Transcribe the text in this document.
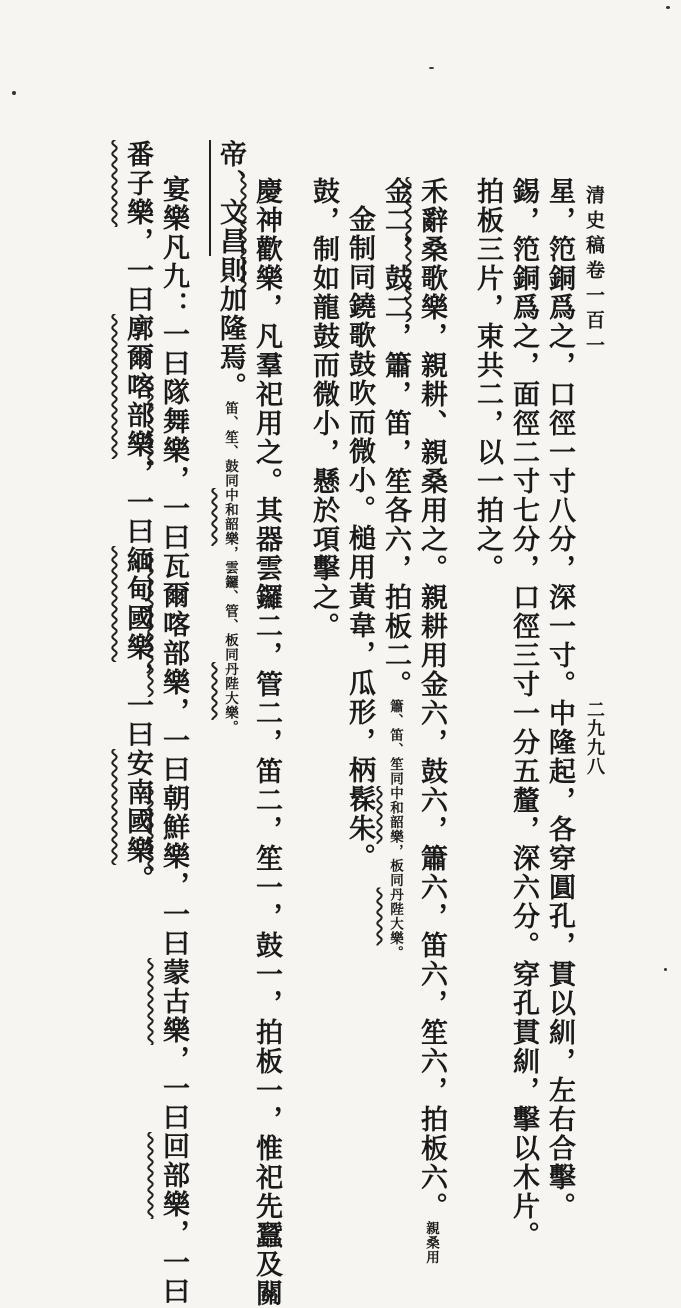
清史稿卷一百一
二九九八
星，笵銅爲之，口徑一寸八分，深一寸。中隆起，各穿圓孔，貫以紃，左右合擊。
錫，笵銅爲之，面徑二寸七分，口徑三寸一分五釐，深六分。穿孔貫紃，擊以木片。
拍板三片，束共二，以一拍之。
禾辭桑歌樂，親耕、親桑用之。親耕用金六，鼓六，簫六，笛六，笙六，拍板六。親桑用
金二，鼓二，簫，笛，笙各六，拍板二。簫、笛、笙同中和韶樂，板同丹陛大樂。
金制同鐃歌鼓吹而微小。槌用黃韋，瓜形，柄髹朱。
鼓，制如龍鼓而微小，懸於項擊之。
慶神歡樂，凡羣祀用之。其器雲鑼二，管二，笛二，笙一，鼓一，拍板一，惟祀先蠶及關
帝、文昌則加隆焉。笛、笙、鼓同中和韶樂，雲鑼、管、板同丹陛大樂。
宴樂凡九：一曰隊舞樂，一曰瓦爾喀部樂，一曰朝鮮樂，一曰蒙古樂，一曰回部樂，一曰
番子樂，一曰廓爾喀部樂，一曰緬甸國樂，一曰安南國樂。
